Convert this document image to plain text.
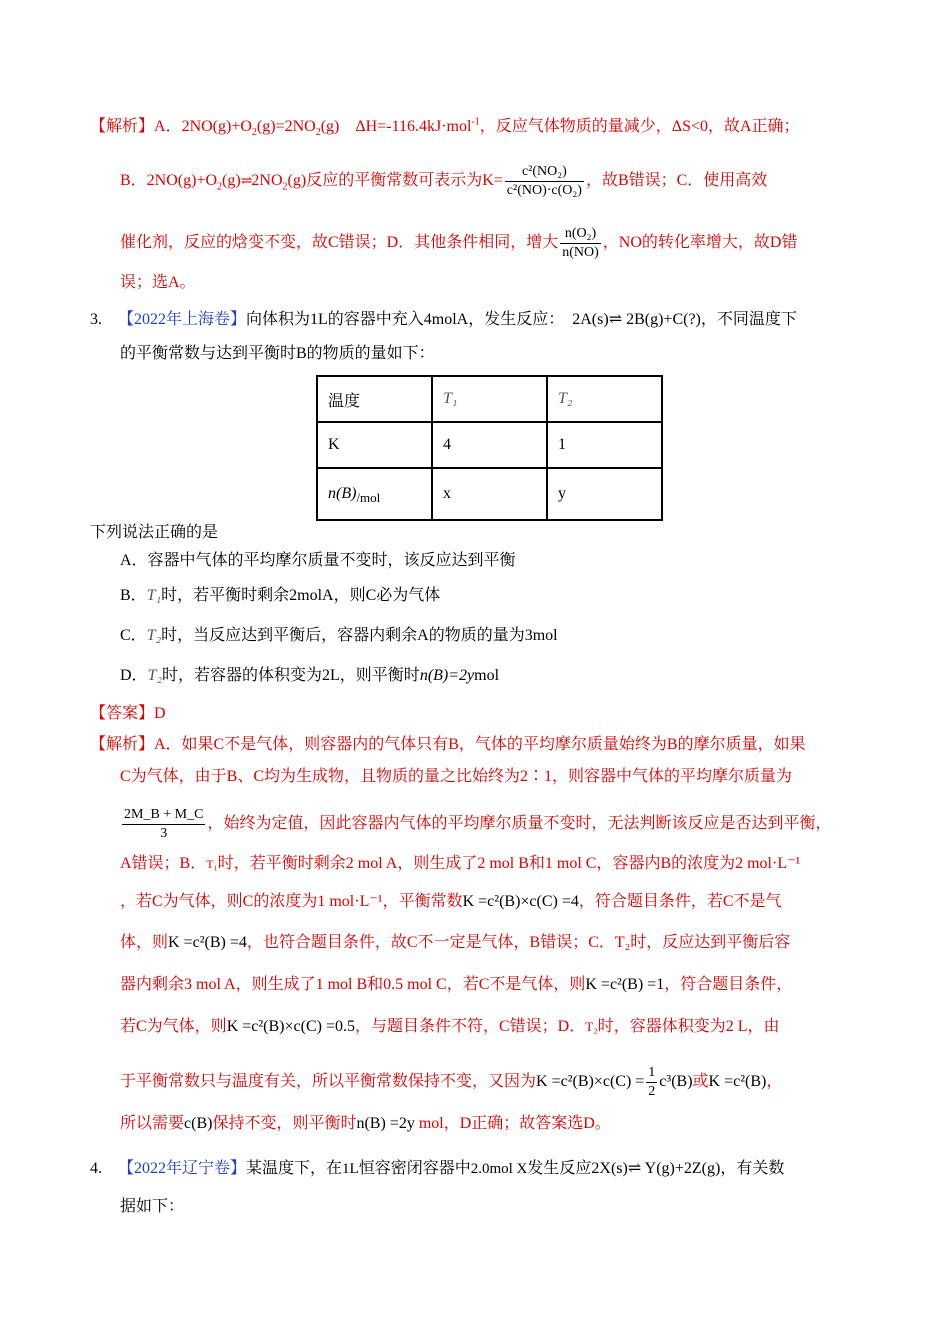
【解析】A．$2NO(g)+O_2(g)=2NO_2(g)$　ΔH=-116.4kJ·mol$^{-1}$，反应气体物质的量减少，ΔS<0，故A正确；
B．$2NO(g)+O_2(g)\rightleftharpoons 2NO_2(g)$反应的平衡常数可表示为$K= \frac{\text{c²(NO₂)}}{\text{c²(NO)·c(O₂)}}$ ，故B错误；C．使用高效
催化剂，反应的焓变不变，故C错误；D．其他条件相同，增大 $\frac{\text{n(O₂)}}{n(NO)}$ ，NO的转化率增大，故D错
误；选A。
3. 【2022年上海卷】向体积为1L的容器中充入4molA，发生反应： 2A(s)⇌ 2B(g)+C(?)，不同温度下
的平衡常数与达到平衡时B的物质的量如下：
温度	T₁	T₂
K	4	1
$n(B)_{/mol}$	x	y
下列说法正确的是
A．容器中气体的平均摩尔质量不变时，该反应达到平衡
B．T₁时，若平衡时剩余2molA，则C必为气体
C．T₂时，当反应达到平衡后，容器内剩余A的物质的量为3mol
D．T₂时，若容器的体积变为2L，则平衡时n(B)=2ymol
【答案】D
【解析】A．如果C不是气体，则容器内的气体只有B，气体的平均摩尔质量始终为B的摩尔质量，如果
C为气体，由于B、C均为生成物，且物质的量之比始终为2∶1，则容器中气体的平均摩尔质量为
$\frac{2M\_B + M\_C}{3}$ ，始终为定值，因此容器内气体的平均摩尔质量不变时，无法判断该反应是否达到平衡，
A错误；B．T₁时，若平衡时剩余2 mol A，则生成了2 mol B和1 mol C，容器内B的浓度为2 mol·L⁻¹
，若C为气体，则C的浓度为1 mol·L⁻¹，平衡常数K =c²(B)×c(C) =4，符合题目条件，若C不是气
体，则K =c²(B) =4，也符合题目条件，故C不一定是气体，B错误；C．T₂时，反应达到平衡后容
器内剩余3 mol A，则生成了1 mol B和0.5 mol C，若C不是气体，则K =c²(B) =1，符合题目条件，
若C为气体，则K =c²(B)×c(C) =0.5，与题目条件不符，C错误；D．T₂时，容器体积变为2 L，由
于平衡常数只与温度有关，所以平衡常数保持不变，又因为$K =c^2(B)\times c(C) = \frac{1}{2} c^3(B)$或K =c²(B)，
所以需要c(B)保持不变，则平衡时n(B) =2y mol，D正确；故答案选D。
4. 【2022年辽宁卷】某温度下，在1L恒容密闭容器中2.0mol X发生反应2X(s)⇌ Y(g)+2Z(g)，有关数
据如下：
